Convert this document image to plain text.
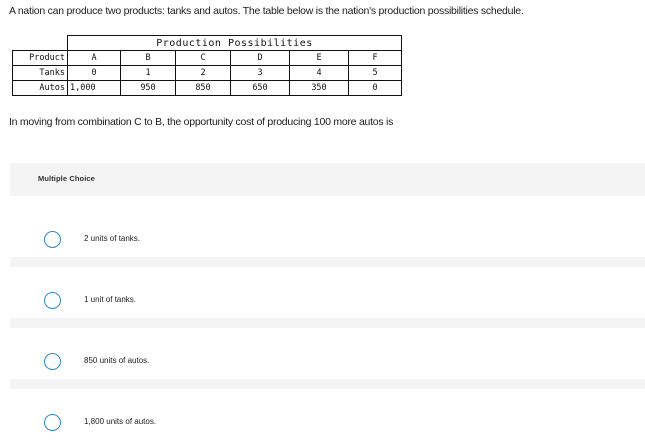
A nation can produce two products: tanks and autos. The table below is the nation's production possibilities schedule.
	Production Possibilities					
Product	A	B	C	D	E	F
Tanks	0	1	2	3	4	5
Autos	1,000	950	850	650	350	0
In moving from combination C to B, the opportunity cost of producing 100 more autos is
Multiple Choice
2 units of tanks.
1 unit of tanks.
850 units of autos.
1,800 units of autos.
